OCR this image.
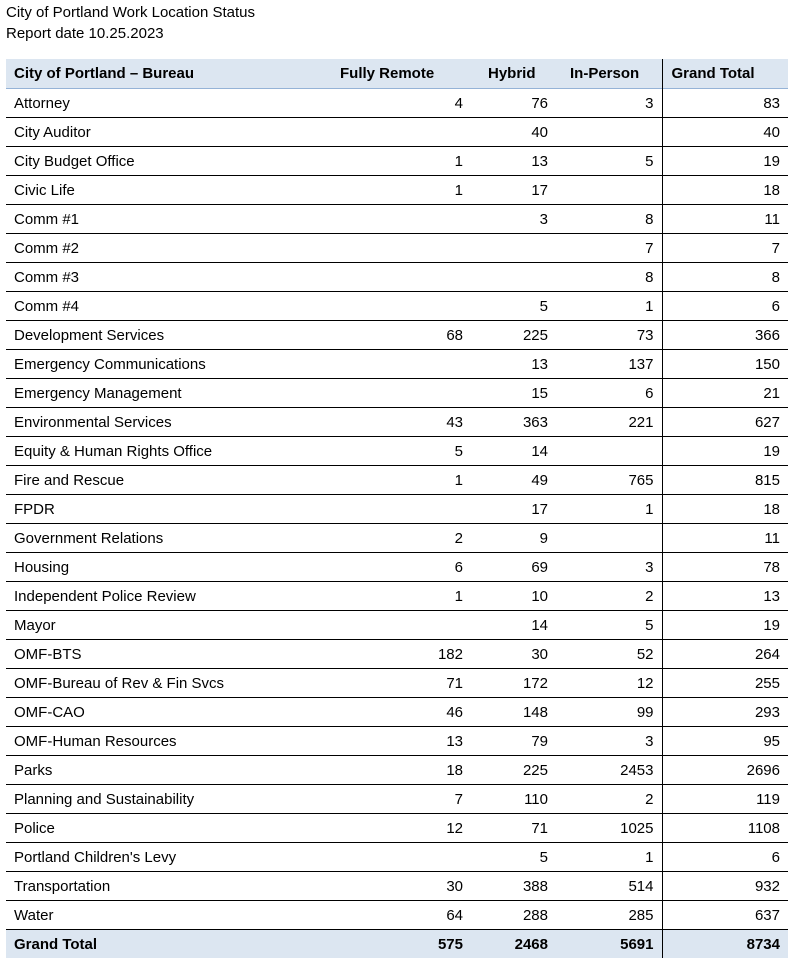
City of Portland Work Location Status
Report date 10.25.2023
City of Portland – Bureau	Fully Remote	Hybrid	In-Person	Grand Total
Attorney	4	76	3	83
City Auditor		40		40
City Budget Office	1	13	5	19
Civic Life	1	17		18
Comm #1		3	8	11
Comm #2			7	7
Comm #3			8	8
Comm #4		5	1	6
Development Services	68	225	73	366
Emergency Communications		13	137	150
Emergency Management		15	6	21
Environmental Services	43	363	221	627
Equity & Human Rights Office	5	14		19
Fire and Rescue	1	49	765	815
FPDR		17	1	18
Government Relations	2	9		11
Housing	6	69	3	78
Independent Police Review	1	10	2	13
Mayor		14	5	19
OMF-BTS	182	30	52	264
OMF-Bureau of Rev & Fin Svcs	71	172	12	255
OMF-CAO	46	148	99	293
OMF-Human Resources	13	79	3	95
Parks	18	225	2453	2696
Planning and Sustainability	7	110	2	119
Police	12	71	1025	1108
Portland Children's Levy		5	1	6
Transportation	30	388	514	932
Water	64	288	285	637
Grand Total	575	2468	5691	8734
